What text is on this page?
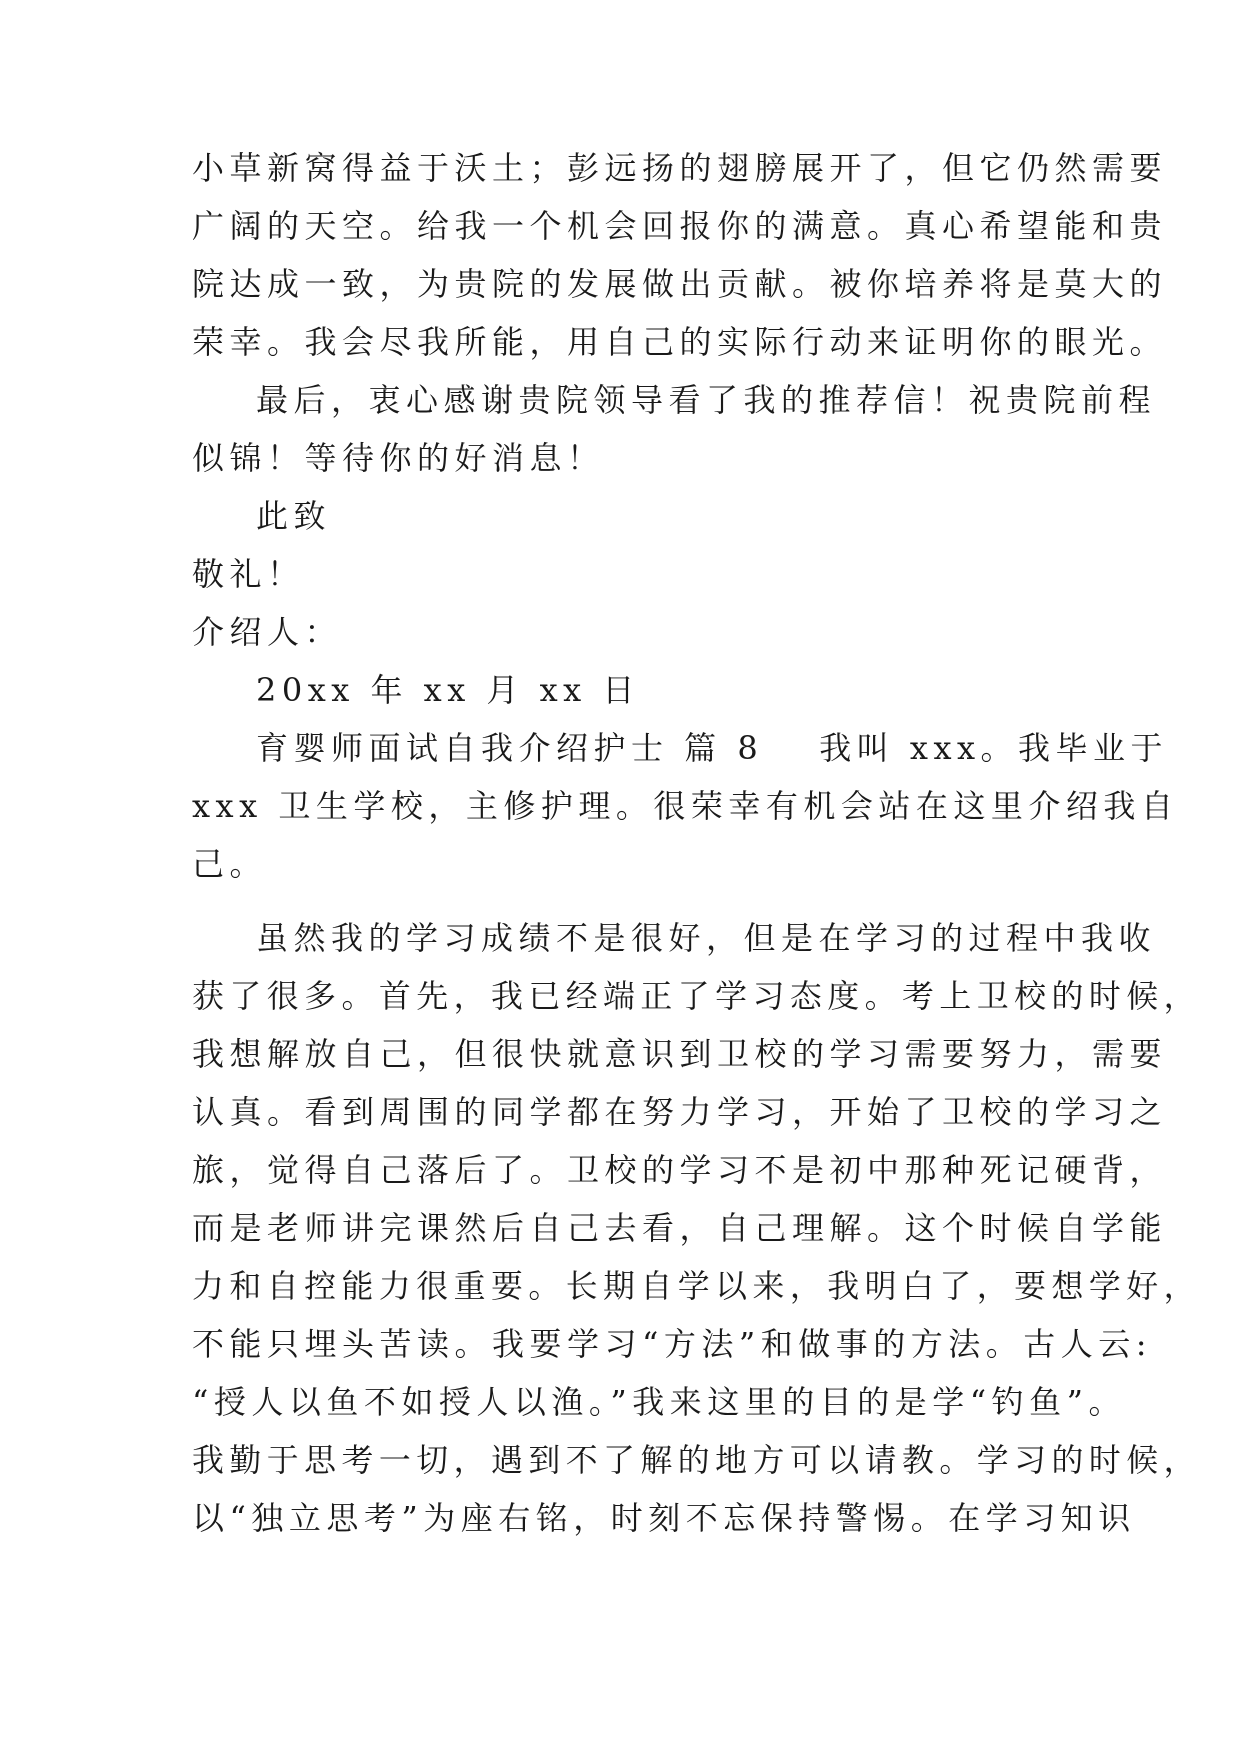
小草新窝得益于沃土；彭远扬的翅膀展开了，但它仍然需要
广阔的天空。给我一个机会回报你的满意。真心希望能和贵
院达成一致，为贵院的发展做出贡献。被你培养将是莫大的
荣幸。我会尽我所能，用自己的实际行动来证明你的眼光。
最后，衷心感谢贵院领导看了我的推荐信！祝贵院前程
似锦！等待你的好消息！
此致
敬礼！
介绍人：
20xx 年 xx 月 xx 日
育婴师面试自我介绍护士 篇 8 我叫 xxx。我毕业于
xxx 卫生学校，主修护理。很荣幸有机会站在这里介绍我自
己。
虽然我的学习成绩不是很好，但是在学习的过程中我收
获了很多。首先，我已经端正了学习态度。考上卫校的时候，
我想解放自己，但很快就意识到卫校的学习需要努力，需要
认真。看到周围的同学都在努力学习，开始了卫校的学习之
旅，觉得自己落后了。卫校的学习不是初中那种死记硬背，
而是老师讲完课然后自己去看，自己理解。这个时候自学能
力和自控能力很重要。长期自学以来，我明白了，要想学好，
不能只埋头苦读。我要学习“方法”和做事的方法。古人云:
“授人以鱼不如授人以渔。”我来这里的目的是学“钓鱼”。
我勤于思考一切，遇到不了解的地方可以请教。学习的时候，
以“独立思考”为座右铭，时刻不忘保持警惕。在学习知识
